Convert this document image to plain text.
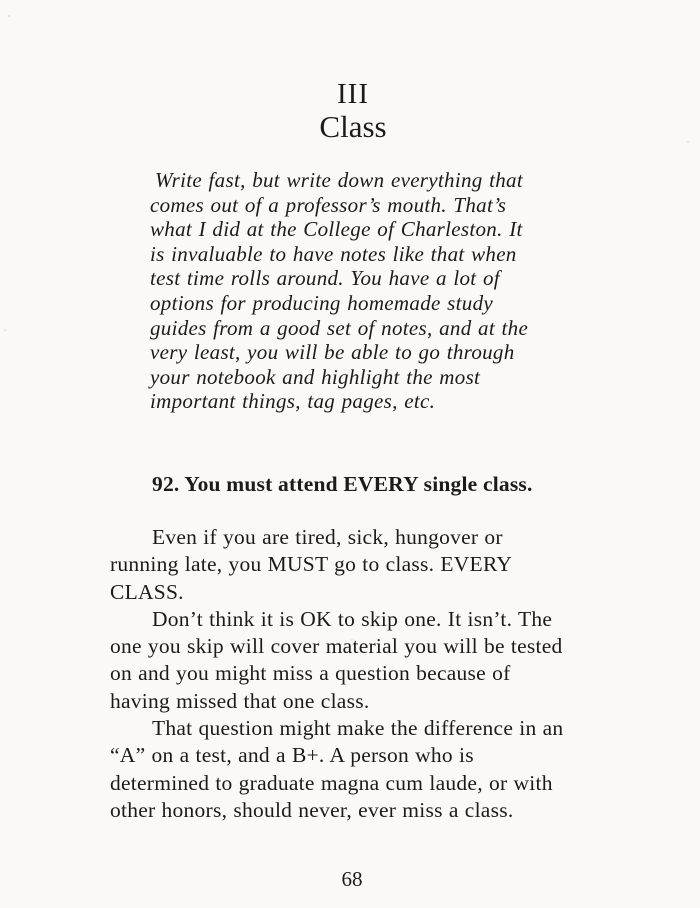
III
Class
Write fast, but write down everything that
comes out of a professor’s mouth. That’s
what I did at the College of Charleston. It
is invaluable to have notes like that when
test time rolls around. You have a lot of
options for producing homemade study
guides from a good set of notes, and at the
very least, you will be able to go through
your notebook and highlight the most
important things, tag pages, etc.
92. You must attend EVERY single class.
Even if you are tired, sick, hungover or
running late, you MUST go to class. EVERY
CLASS.
Don’t think it is OK to skip one. It isn’t. The
one you skip will cover material you will be tested
on and you might miss a question because of
having missed that one class.
That question might make the difference in an
“A” on a test, and a B+. A person who is
determined to graduate magna cum laude, or with
other honors, should never, ever miss a class.
68
